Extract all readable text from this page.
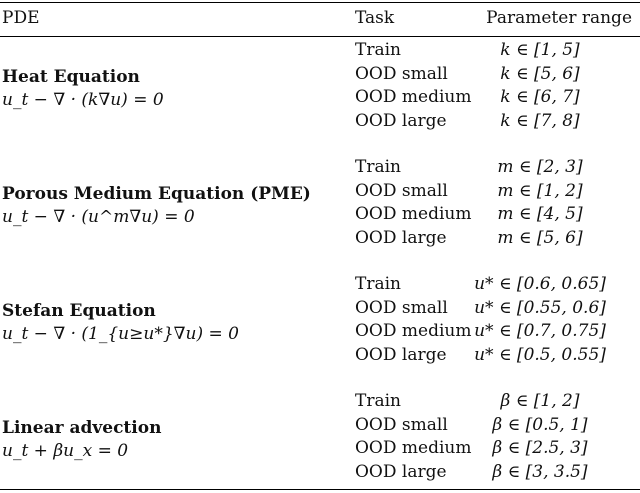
PDE	Task	Parameter range
Heat Equation
u_t − ∇ · (k∇u) = 0
Train	k ∈ [1, 5]
OOD small	k ∈ [5, 6]
OOD medium	k ∈ [6, 7]
OOD large	k ∈ [7, 8]
Porous Medium Equation (PME)
u_t − ∇ · (u^m∇u) = 0
Train	m ∈ [2, 3]
OOD small	m ∈ [1, 2]
OOD medium	m ∈ [4, 5]
OOD large	m ∈ [5, 6]
Stefan Equation
u_t − ∇ · (1_{u≥u*}∇u) = 0
Train	u* ∈ [0.6, 0.65]
OOD small u* ∈ [0.55, 0.6]
OOD medium u* ∈ [0.7, 0.75]
OOD large u* ∈ [0.5, 0.55]
Linear advection
u_t + βu_x = 0
Train	β ∈ [1, 2]
OOD small	β ∈ [0.5, 1]
OOD medium	β ∈ [2.5, 3]
OOD large	β ∈ [3, 3.5]
